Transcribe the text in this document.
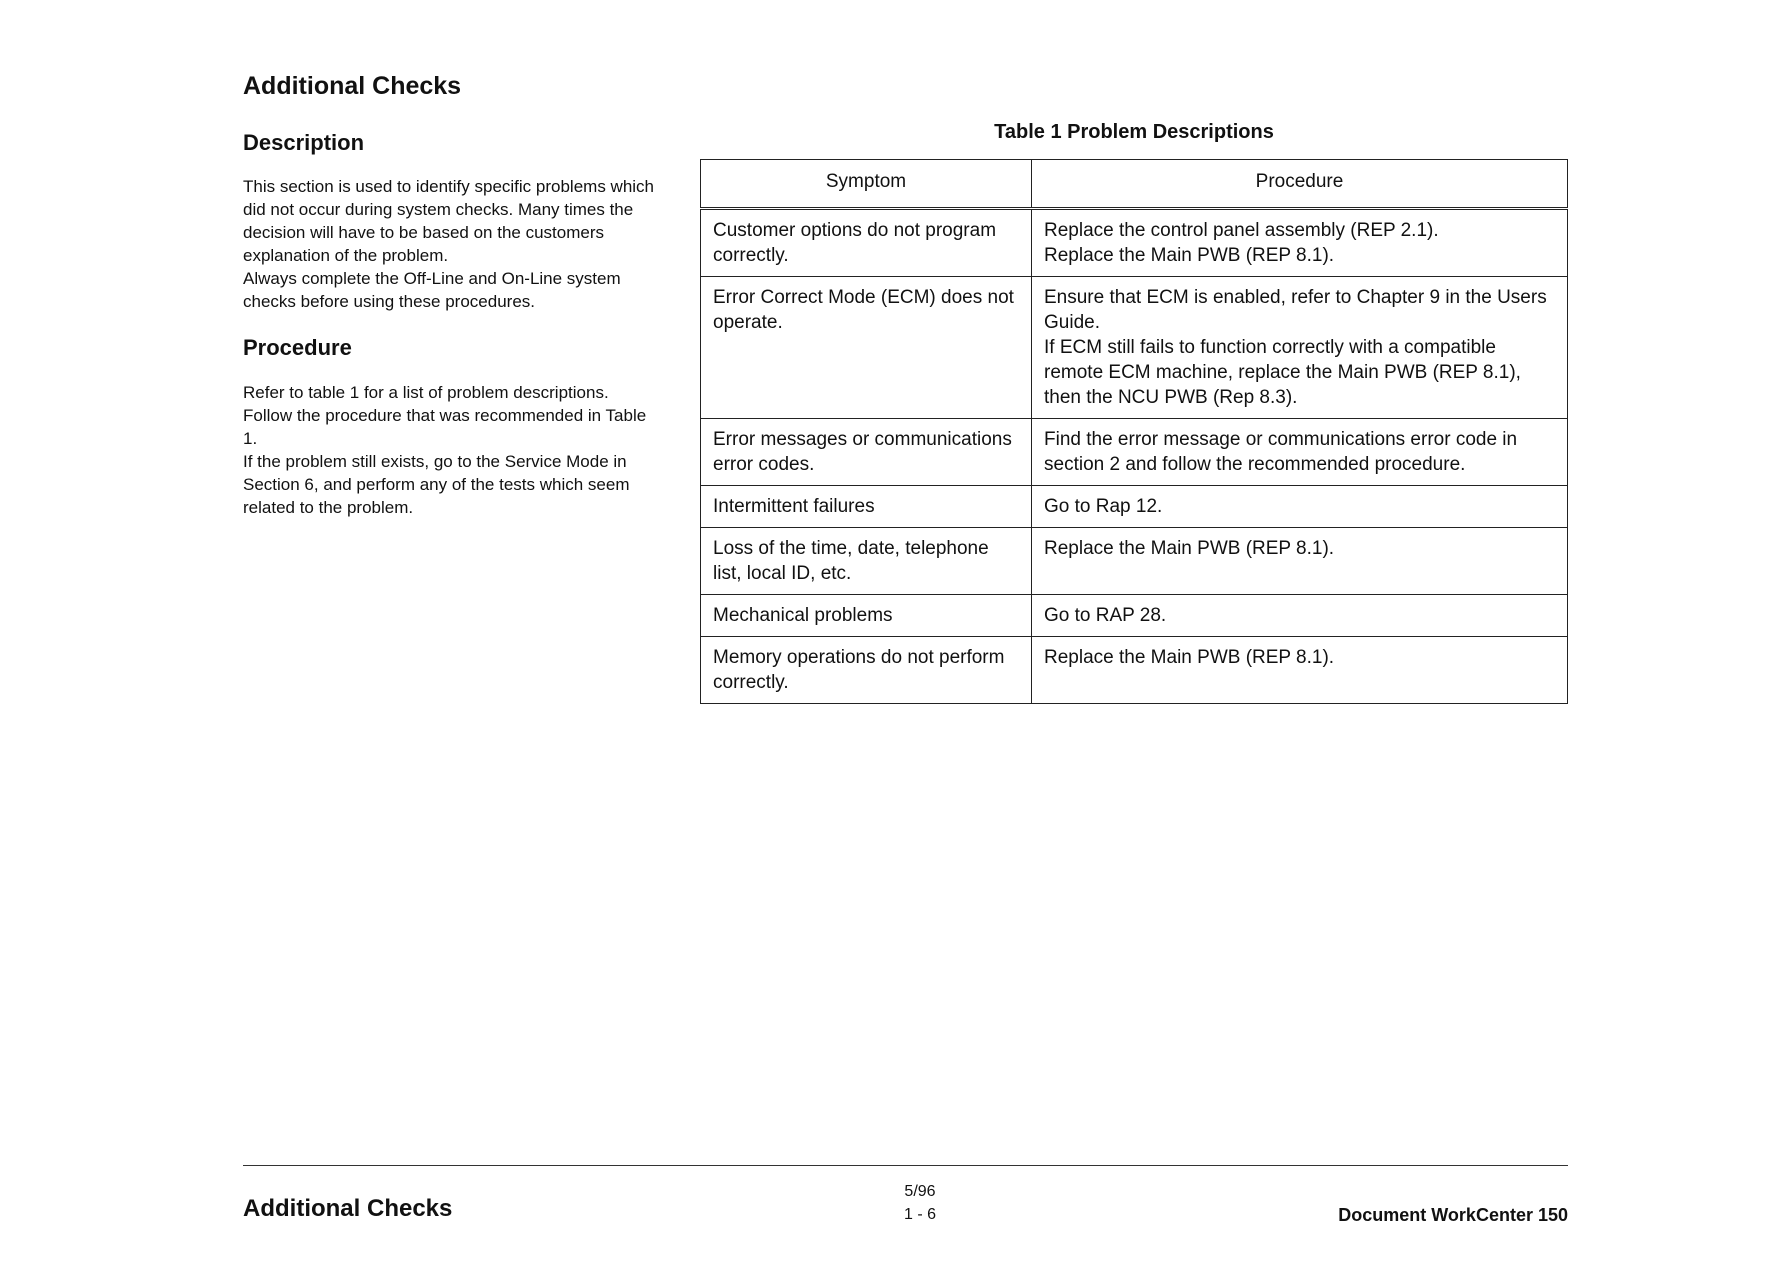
Additional Checks
Description

This section is used to identify specific problems which did not occur during system checks. Many times the decision will have to be based on the customers explanation of the problem.

Always complete the Off-Line and On-Line system checks before using these procedures.

Procedure

Refer to table 1 for a list of problem descriptions. Follow the procedure that was recommended in Table 1.

If the problem still exists, go to the Service Mode in Section 6, and perform any of the tests which seem related to the problem.

Table 1 Problem Descriptions
Symptom	Procedure
Customer options do not program correctly.	Replace the control panel assembly (REP 2.1).
Replace the Main PWB (REP 8.1).
Error Correct Mode (ECM) does not operate.	Ensure that ECM is enabled, refer to Chapter 9 in the Users Guide.
If ECM still fails to function correctly with a compatible remote ECM machine, replace the Main PWB (REP 8.1), then the NCU PWB (Rep 8.3).
Error messages or communications error codes.	Find the error message or communications error code in section 2 and follow the recommended procedure.
Intermittent failures	Go to Rap 12.
Loss of the time, date, telephone list, local ID, etc.	Replace the Main PWB (REP 8.1).
Mechanical problems	Go to RAP 28.
Memory operations do not perform correctly.	Replace the Main PWB (REP 8.1).
Additional Checks
5/96
1 - 6	Document WorkCenter 150
